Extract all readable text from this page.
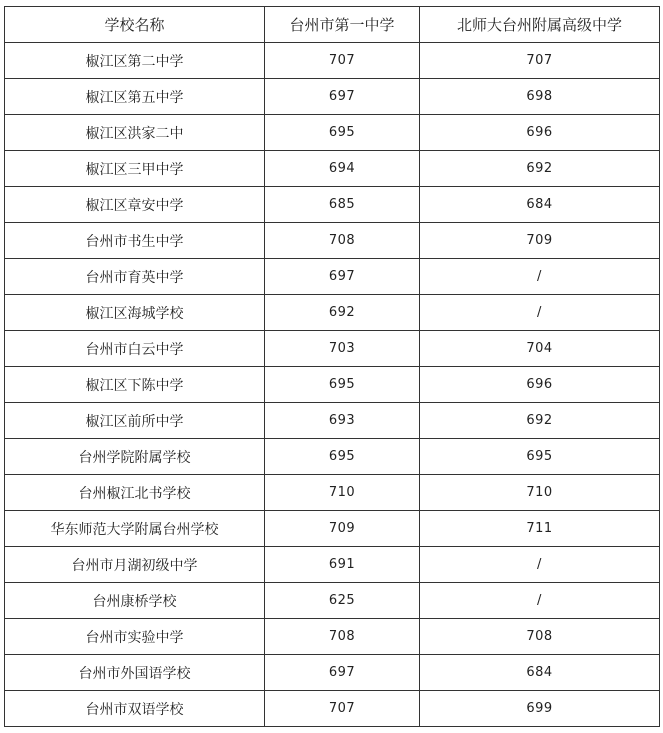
学校名称	台州市第一中学	北师大台州附属高级中学
椒江区第二中学	707	707
椒江区第五中学	697	698
椒江区洪家二中	695	696
椒江区三甲中学	694	692
椒江区章安中学	685	684
台州市书生中学	708	709
台州市育英中学	697	/
椒江区海城学校	692	/
台州市白云中学	703	704
椒江区下陈中学	695	696
椒江区前所中学	693	692
台州学院附属学校	695	695
台州椒江北书学校	710	710
华东师范大学附属台州学校	709	711
台州市月湖初级中学	691	/
台州康桥学校	625	/
台州市实验中学	708	708
台州市外国语学校	697	684
台州市双语学校	707	699
